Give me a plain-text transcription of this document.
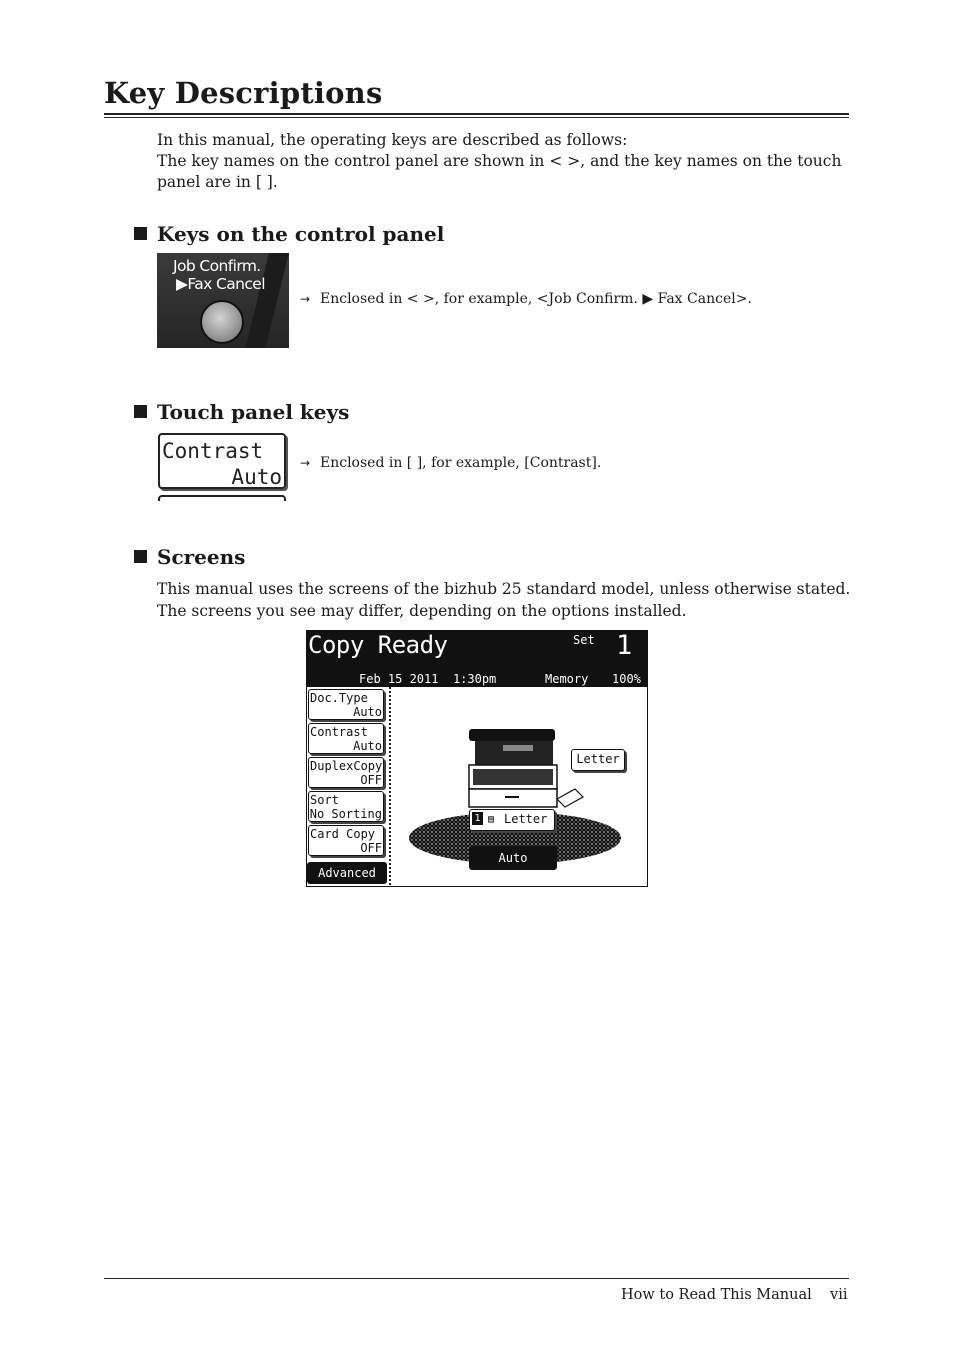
Key Descriptions

In this manual, the operating keys are described as follows:

The key names on the control panel are shown in < >, and the key names on the touch panel are in [ ].

Keys on the control panel
Job Confirm.
▶Fax Cancel
→ Enclosed in < >, for example, <Job Confirm. ▶ Fax Cancel>.
Touch panel keys
Contrast
Auto
→ Enclosed in [ ], for example, [Contrast].
Screens

This manual uses the screens of the bizhub 25 standard model, unless otherwise stated.

The screens you see may differ, depending on the options installed.

Copy Ready	Set 1
Feb 15 2011 1:30pm	Memory 100%
Doc.Type
Auto
Contrast
Auto
DuplexCopy
OFF
Sort
No Sorting
Card Copy
OFF
Advanced
Letter
1 ▤ Letter
Auto
How to Read This Manual vii
